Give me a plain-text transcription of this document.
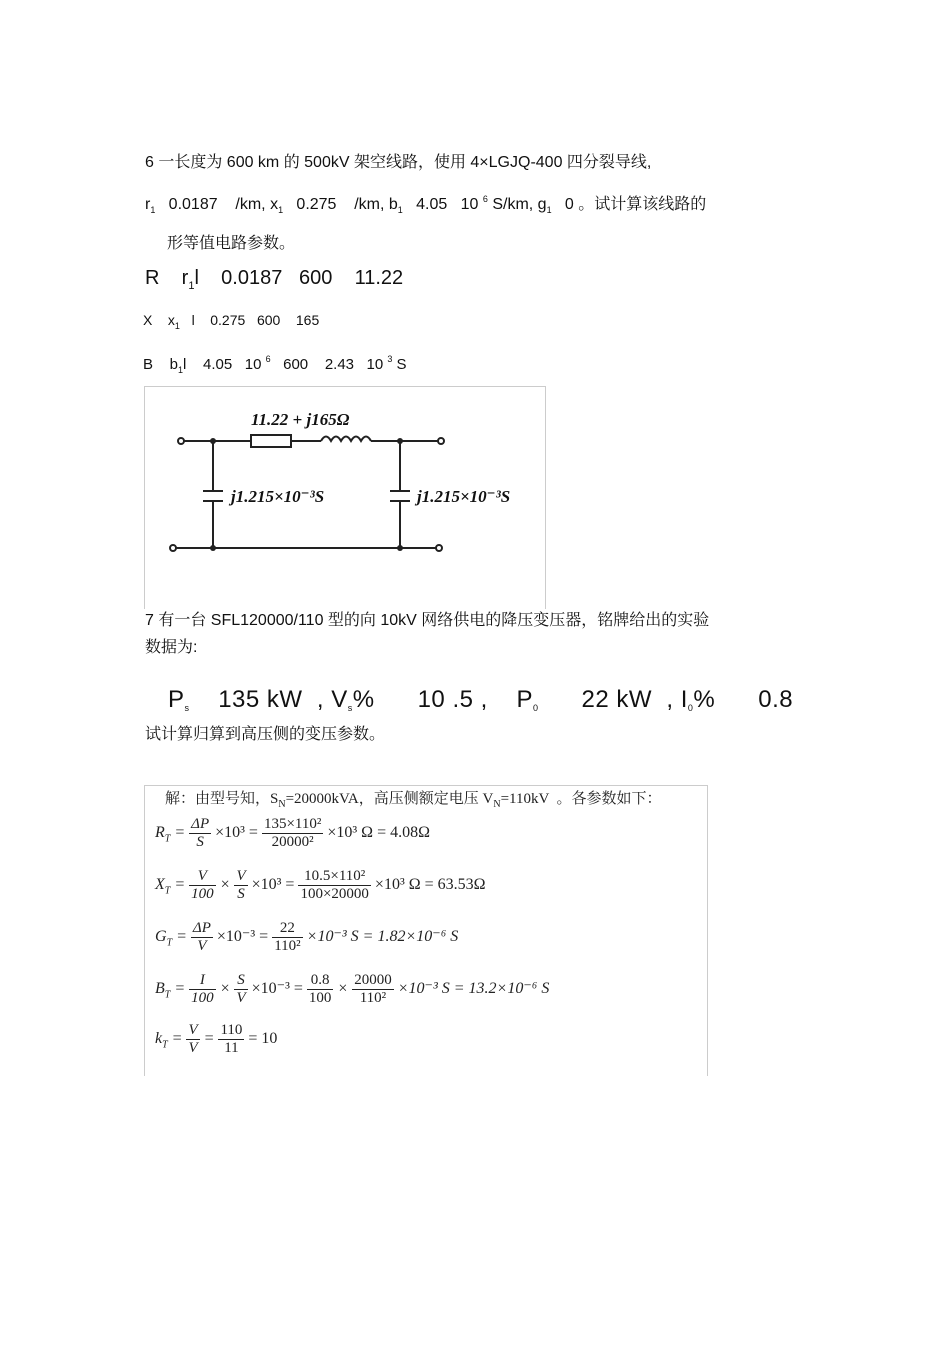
6 一长度为 600 km 的 500kV 架空线路，使用 4×LGJQ-400 四分裂导线,
$r_1$   0.0187    /km, $x_1$   0.275    /km, $b_1$   4.05   10 $^6$ S/km, $g_1$   0 。试计算该线路的
形等值电路参数。
R    $r_1l$    0.0187   600    11.22
X    $x_1$   l    0.275   600    165
B    $b_1l$    4.05   10 $^6$   600    2.43   10 $^3$ S
11.22 + j165Ω
j1.215×10⁻³S	j1.215×10⁻³S
7 有一台 SFL120000/110 型的向 10kV 网络供电的降压变压器，铭牌给出的实验
数据为:
Ps    135 kW  , Vs%      10 .5 ,    P0      22 kW  , I0%      0.8
试计算归算到高压侧的变压参数。
解：由型号知，$S_N=20000kVA$，高压侧额定电压 $V_N=110kV$  。各参数如下：
$R_T = \frac{\Delta P}{S} \times 10^3 = \frac{\text{135×110²}}{\text{20000²}} \times 10^3$ Ω = 4.08Ω
$X_T = \frac{V}{100} \times \frac{V}{S} \times 10^3 = \frac{\text{10.5×110²}}{100\times 20000} \times 10^3$ Ω = 63.53Ω
$G_T = \frac{\Delta P}{V} \times 10^{-3} = \frac{22}{\text{110²}} \times 10^{-3}$ S = 1.82×10⁻⁶ S
$B_T = \frac{I}{100} \times \frac{S}{V} \times 10^{-3} = \frac{0.8}{100} \times \frac{20000}{\text{110²}} \times 10^{-3}$ S = 13.2×10⁻⁶ S
$k_T = \frac{V}{V} = \frac{110}{11} = 10$
